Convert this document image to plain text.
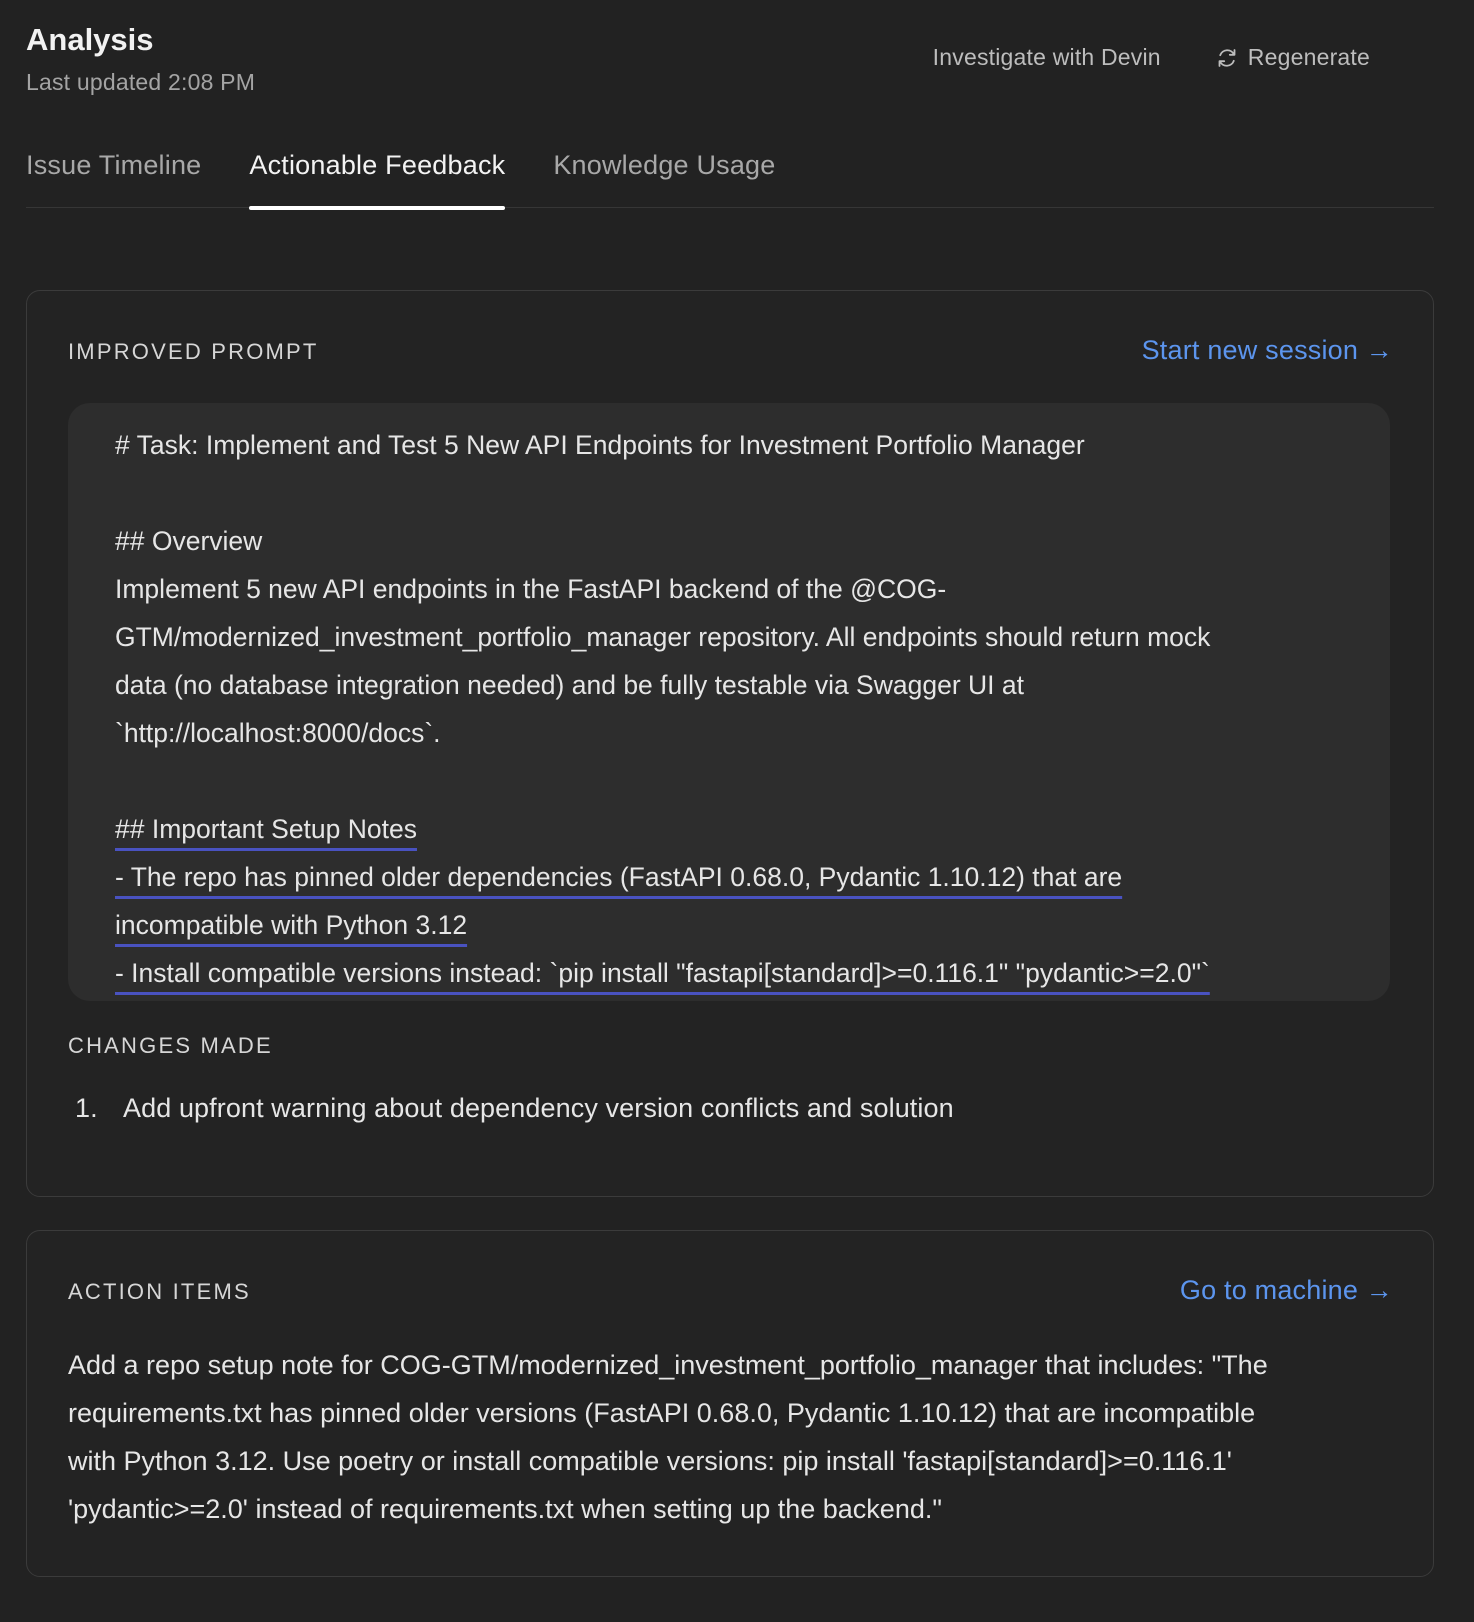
Analysis
Last updated 2:08 PM
Investigate with Devin	Regenerate
Issue Timeline Actionable Feedback Knowledge Usage
IMPROVED PROMPT	Start new session →
# Task: Implement and Test 5 New API Endpoints for Investment Portfolio Manager
## Overview
Implement 5 new API endpoints in the FastAPI backend of the @COG-
GTM/modernized_investment_portfolio_manager repository. All endpoints should return mock
data (no database integration needed) and be fully testable via Swagger UI at
`http://localhost:8000/docs`.
## Important Setup Notes
- The repo has pinned older dependencies (FastAPI 0.68.0, Pydantic 1.10.12) that are
incompatible with Python 3.12
- Install compatible versions instead: `pip install "fastapi[standard]>=0.116.1" "pydantic>=2.0"`
CHANGES MADE
1. Add upfront warning about dependency version conflicts and solution
ACTION ITEMS	Go to machine →
Add a repo setup note for COG-GTM/modernized_investment_portfolio_manager that includes: "The
requirements.txt has pinned older versions (FastAPI 0.68.0, Pydantic 1.10.12) that are incompatible
with Python 3.12. Use poetry or install compatible versions: pip install 'fastapi[standard]>=0.116.1'
'pydantic>=2.0' instead of requirements.txt when setting up the backend."
